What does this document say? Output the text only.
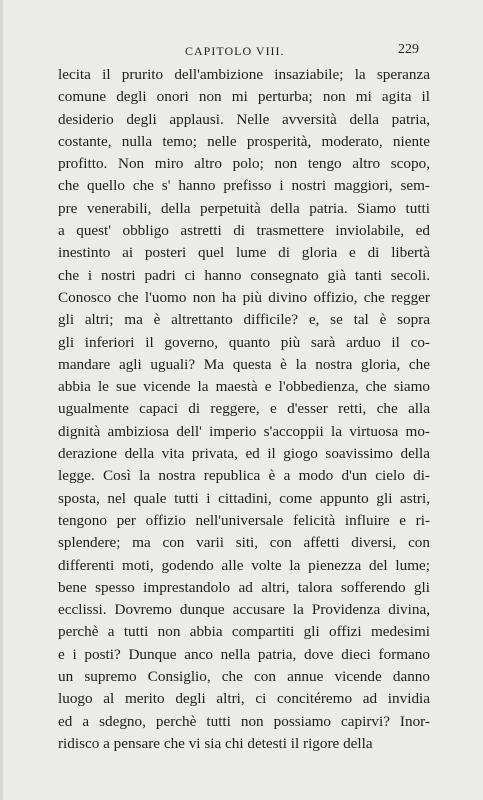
CAPITOLO VIII.	229
lecita il prurito dell'ambizione insaziabile; la speranza
comune degli onori non mi perturba; non mi agita il
desiderio degli applausi. Nelle avversità della patria,
costante, nulla temo; nelle prosperità, moderato, niente
profitto. Non miro altro polo; non tengo altro scopo,
che quello che s' hanno prefisso i nostri maggiori, sem-
pre venerabili, della perpetuità della patria. Siamo tutti
a quest' obbligo astretti di trasmettere inviolabile, ed
inestinto ai posteri quel lume di gloria e di libertà
che i nostri padri ci hanno consegnato già tanti secoli.
Conosco che l'uomo non ha più divino offizio, che regger
gli altri; ma è altrettanto difficile? e, se tal è sopra
gli inferiori il governo, quanto più sarà arduo il co-
mandare agli uguali? Ma questa è la nostra gloria, che
abbia le sue vicende la maestà e l'obbedienza, che siamo
ugualmente capaci di reggere, e d'esser retti, che alla
dignità ambiziosa dell' imperio s'accoppii la virtuosa mo-
derazione della vita privata, ed il giogo soavissimo della
legge. Così la nostra republica è a modo d'un cielo di-
sposta, nel quale tutti i cittadini, come appunto gli astri,
tengono per offizio nell'universale felicità influire e ri-
splendere; ma con varii siti, con affetti diversi, con
differenti moti, godendo alle volte la pienezza del lume;
bene spesso imprestandolo ad altri, talora sofferendo gli
ecclissi. Dovremo dunque accusare la Providenza divina,
perchè a tutti non abbia compartiti gli offizi medesimi
e i posti? Dunque anco nella patria, dove dieci formano
un supremo Consiglio, che con annue vicende danno
luogo al merito degli altri, ci concitéremo ad invidia
ed a sdegno, perchè tutti non possiamo capirvi? Inor-
ridisco a pensare che vi sia chi detesti il rigore della
